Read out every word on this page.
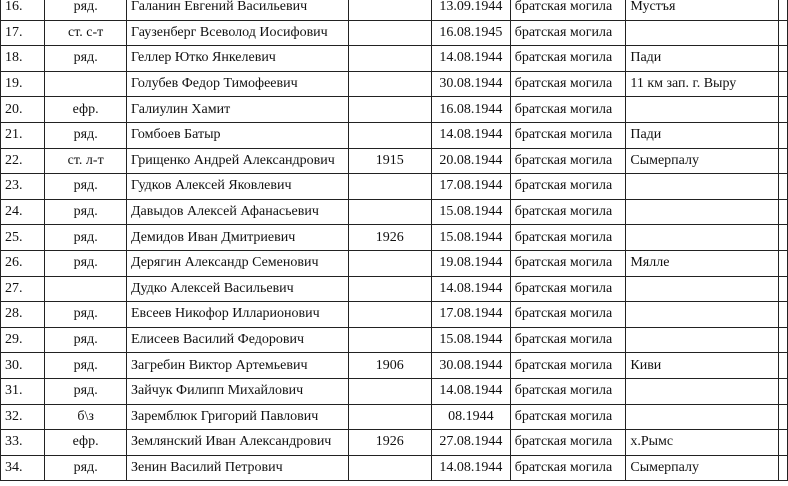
16.	ряд.	Галанин Евгений Васильевич		13.09.1944	братская могила	Мустъя	
17.	ст. с-т	Гаузенберг Всеволод Иосифович		16.08.1945	братская могила		
18.	ряд.	Геллер Ютко Янкелевич		14.08.1944	братская могила	Пади	
19.		Голубев Федор Тимофеевич		30.08.1944	братская могила	11 км зап. г. Выру	
20.	ефр.	Галиулин Хамит		16.08.1944	братская могила		
21.	ряд.	Гомбоев Батыр		14.08.1944	братская могила	Пади	
22.	ст. л-т	Грищенко Андрей Александрович	1915	20.08.1944	братская могила	Сымерпалу	
23.	ряд.	Гудков Алексей Яковлевич		17.08.1944	братская могила		
24.	ряд.	Давыдов Алексей Афанасьевич		15.08.1944	братская могила		
25.	ряд.	Демидов Иван Дмитриевич	1926	15.08.1944	братская могила		
26.	ряд.	Дерягин Александр Семенович		19.08.1944	братская могила	Мялле	
27.		Дудко Алексей Васильевич		14.08.1944	братская могила		
28.	ряд.	Евсеев Никофор Илларионович		17.08.1944	братская могила		
29.	ряд.	Елисеев Василий Федорович		15.08.1944	братская могила		
30.	ряд.	Загребин Виктор Артемьевич	1906	30.08.1944	братская могила	Киви	
31.	ряд.	Зайчук Филипп Михайлович		14.08.1944	братская могила		
32.	б\з	Заремблюк Григорий Павлович		08.1944	братская могила		
33.	ефр.	Землянский Иван Александрович	1926	27.08.1944	братская могила	х.Рымс	
34.	ряд.	Зенин Василий Петрович		14.08.1944	братская могила	Сымерпалу	
